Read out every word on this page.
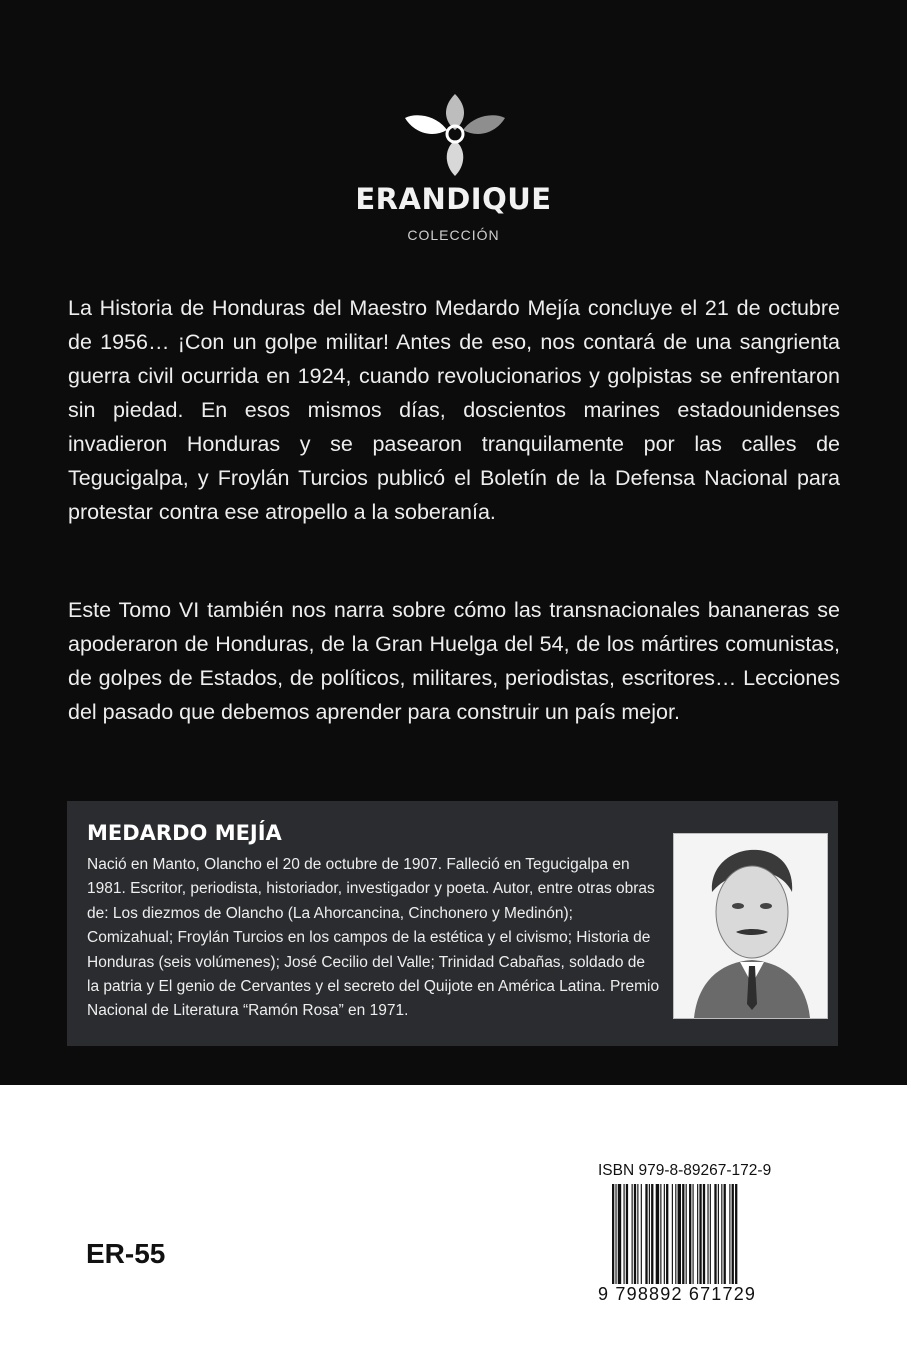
ERANDIQUE
COLECCIÓN

La Historia de Honduras del Maestro Medardo Mejía concluye el 21 de octubre de 1956… ¡Con un golpe militar! Antes de eso, nos contará de una sangrienta guerra civil ocurrida en 1924, cuando revolucionarios y golpistas se enfrentaron sin piedad. En esos mismos días, doscientos marines estadounidenses invadieron Honduras y se pasearon tranquilamente por las calles de Tegucigalpa, y Froylán Turcios publicó el Boletín de la Defensa Nacional para protestar contra ese atropello a la soberanía.

Este Tomo VI también nos narra sobre cómo las transnacionales bananeras se apoderaron de Honduras, de la Gran Huelga del 54, de los mártires comunistas, de golpes de Estados, de políticos, militares, periodistas, escritores… Lecciones del pasado que debemos aprender para construir un país mejor.

MEDARDO MEJÍA

Nació en Manto, Olancho el 20 de octubre de 1907. Falleció en Tegucigalpa en 1981. Escritor, periodista, historiador, investigador y poeta. Autor, entre otras obras de: Los diezmos de Olancho (La Ahorcancina, Cinchonero y Medinón); Comizahual; Froylán Turcios en los campos de la estética y el civismo; Historia de Honduras (seis volúmenes); José Cecilio del Valle; Trinidad Cabañas, soldado de la patria y El genio de Cervantes y el secreto del Quijote en América Latina. Premio Nacional de Literatura “Ramón Rosa” en 1971.

ER-55
ISBN 979-8-89267-172-9
9 798892 671729
